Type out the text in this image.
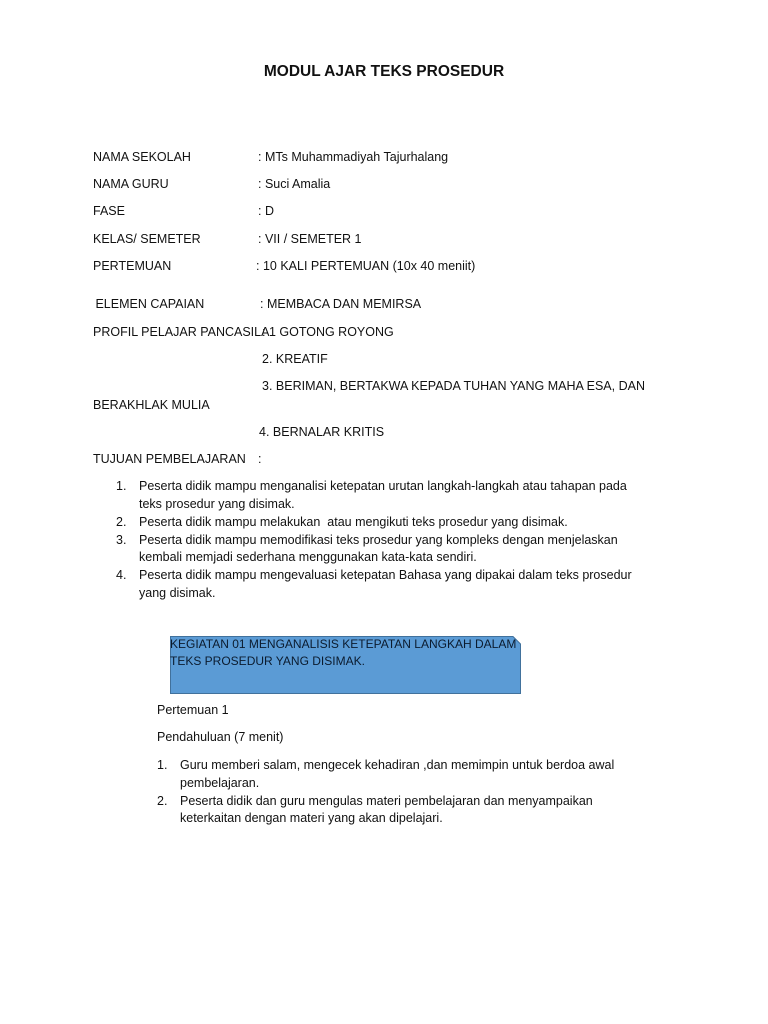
MODUL AJAR TEKS PROSEDUR
NAMA SEKOLAH	: MTs Muhammadiyah Tajurhalang
NAMA GURU	: Suci Amalia
FASE	: D
KELAS/ SEMETER	: VII / SEMETER 1
PERTEMUAN	: 10 KALI PERTEMUAN (10x 40 meniit)
ELEMEN CAPAIAN	: MEMBACA DAN MEMIRSA
PROFIL PELAJAR PANCASILA
: 1 GOTONG ROYONG
2. KREATIF
3. BERIMAN, BERTAKWA KEPADA TUHAN YANG MAHA ESA, DAN
BERAKHLAK MULIA
4. BERNALAR KRITIS
TUJUAN PEMBELAJARAN :
1. Peserta didik mampu menganalisi ketepatan urutan langkah-langkah atau tahapan pada
teks prosedur yang disimak.
2. Peserta didik mampu melakukan  atau mengikuti teks prosedur yang disimak.
3. Peserta didik mampu memodifikasi teks prosedur yang kompleks dengan menjelaskan
kembali memjadi sederhana menggunakan kata-kata sendiri.
4. Peserta didik mampu mengevaluasi ketepatan Bahasa yang dipakai dalam teks prosedur
yang disimak.
KEGIATAN 01 MENGANALISIS KETEPATAN LANGKAH DALAM
TEKS PROSEDUR YANG DISIMAK.
Pertemuan 1
Pendahuluan (7 menit)
1. Guru memberi salam, mengecek kehadiran ,dan memimpin untuk berdoa awal
pembelajaran.
2. Peserta didik dan guru mengulas materi pembelajaran dan menyampaikan
keterkaitan dengan materi yang akan dipelajari.
